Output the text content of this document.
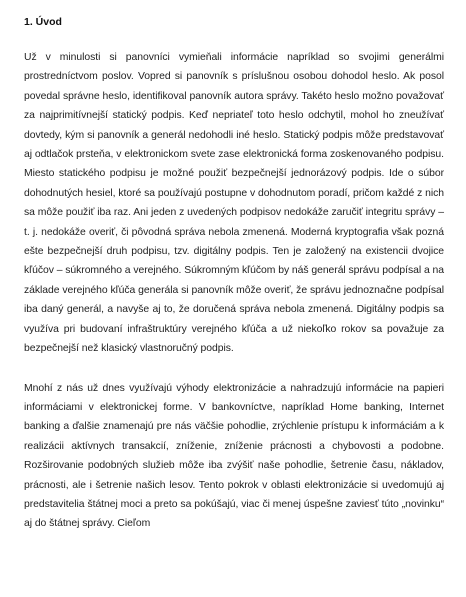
1. Úvod

Už v minulosti si panovníci vymieňali informácie napríklad so svojimi generálmi prostredníctvom poslov. Vopred si panovník s príslušnou osobou dohodol heslo. Ak posol povedal správne heslo, identifikoval panovník autora správy. Takéto heslo možno považovať za najprimitívnejší statický podpis. Keď nepriateľ toto heslo odchytil, mohol ho zneužívať dovtedy, kým si panovník a generál nedohodli iné heslo. Statický podpis môže predstavovať aj odtlačok prsteňa, v elektronickom svete zase elektronická forma zoskenovaného podpisu. Miesto statického podpisu je možné použiť bezpečnejší jednorázový podpis. Ide o súbor dohodnutých hesiel, ktoré sa používajú postupne v dohodnutom poradí, pričom každé z nich sa môže použiť iba raz. Ani jeden z uvedených podpisov nedokáže zaručiť integritu správy – t. j. nedokáže overiť, či pôvodná správa nebola zmenená. Moderná kryptografia však pozná ešte bezpečnejší druh podpisu, tzv. digitálny podpis. Ten je založený na existencii dvojice kľúčov – súkromného a verejného. Súkromným kľúčom by náš generál správu podpísal a na základe verejného kľúča generála si panovník môže overiť, že správu jednoznačne podpísal iba daný generál, a navyše aj to, že doručená správa nebola zmenená. Digitálny podpis sa využíva pri budovaní infraštruktúry verejného kľúča a už niekoľko rokov sa považuje za bezpečnejší než klasický vlastnoručný podpis.

Mnohí z nás už dnes využívajú výhody elektronizácie a nahradzujú informácie na papieri informáciami v elektronickej forme. V bankovníctve, napríklad Home banking, Internet banking a ďalšie znamenajú pre nás väčšie pohodlie, zrýchlenie prístupu k informáciám a k realizácii aktívnych transakcií, zníženie, zníženie prácnosti a chybovosti a podobne. Rozširovanie podobných služieb môže iba zvýšiť naše pohodlie, šetrenie času, nákladov, prácnosti, ale i šetrenie našich lesov. Tento pokrok v oblasti elektronizácie si uvedomujú aj predstavitelia štátnej moci a preto sa pokúšajú, viac či menej úspešne zaviesť túto „novinku“ aj do štátnej správy. Cieľom
